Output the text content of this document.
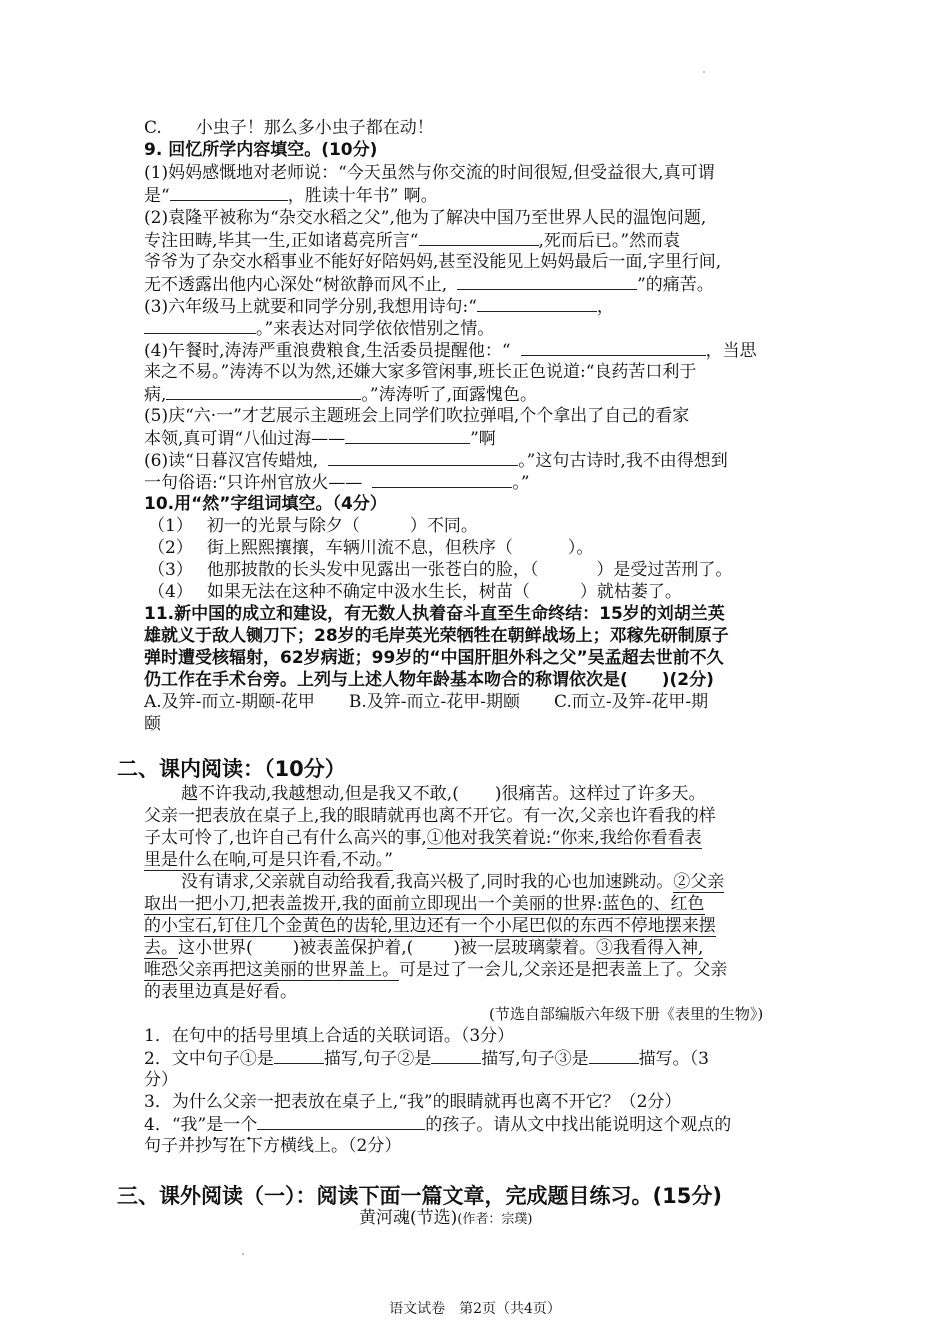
C.　　小虫子！那么多小虫子都在动！
9. 回忆所学内容填空。(10分)
(1)妈妈感慨地对老师说：“今天虽然与你交流的时间很短,但受益很大,真可谓
是“	，胜读十年书” 啊。
(2)袁隆平被称为“杂交水稻之父”,他为了解决中国乃至世界人民的温饱问题,
专注田畴,毕其一生,正如诸葛亮所言“	,死而后已。”然而袁
爷爷为了杂交水稻事业不能好好陪妈妈,甚至没能见上妈妈最后一面,字里行间,
无不透露出他内心深处“树欲静而风不止,	”的痛苦。
(3)六年级马上就要和同学分别,我想用诗句:“	，
。”来表达对同学依依惜别之情。
(4)午餐时,涛涛严重浪费粮食,生活委员提醒他：“	，当思
来之不易。”涛涛不以为然,还嫌大家多管闲事,班长正色说道:“良药苦口利于
病,	。”涛涛听了,面露愧色。
(5)庆“六·一”才艺展示主题班会上同学们吹拉弹唱,个个拿出了自己的看家
本领,真可谓“八仙过海——	”啊
(6)读“日暮汉宫传蜡烛,	。”这句古诗时,我不由得想到
一句俗语:“只许州官放火——	。”
10.用“然”字组词填空。（4分）
（1） 初一的光景与除夕（	）不同。
（2） 街上熙熙攘攘，车辆川流不息，但秩序（	）。
（3） 他那披散的长头发中见露出一张苍白的脸，（	）是受过苦刑了。
（4） 如果无法在这种不确定中汲水生长，树苗（	）就枯萎了。
11.新中国的成立和建设，有无数人执着奋斗直至生命终结：15岁的刘胡兰英
雄就义于敌人铡刀下；28岁的毛岸英光荣牺牲在朝鲜战场上；邓稼先研制原子
弹时遭受核辐射，62岁病逝；99岁的“中国肝胆外科之父”吴孟超去世前不久
仍工作在手术台旁。上列与上述人物年龄基本吻合的称谓依次是(　　)(2分)
A.及笄-而立-期颐-花甲　　B.及笄-而立-花甲-期颐　　C.而立-及笄-花甲-期
颐
二、课内阅读：（10分）
越不许我动,我越想动,但是我又不敢,( )很痛苦。这样过了许多天。
父亲一把表放在桌子上,我的眼睛就再也离不开它。有一次,父亲也许看我的样
子太可怜了,也许自己有什么高兴的事,①他对我笑着说:“你来,我给你看看表
里是什么在响,可是只许看,不动。”
没有请求,父亲就自动给我看,我高兴极了,同时我的心也加速跳动。②父亲
取出一把小刀,把表盖拨开,我的面前立即现出一个美丽的世界:蓝色的、红色
的小宝石,钉住几个金黄色的齿轮,里边还有一个小尾巴似的东西不停地摆来摆
去。这小世界( )被表盖保护着,( )被一层玻璃蒙着。③我看得入神,
唯恐父亲再把这美丽的世界盖上。可是过了一会儿,父亲还是把表盖上了。父亲
的表里边真是好看。
(节选自部编版六年级下册《表里的生物》)
1．在句中的括号里填上合适的关联词语。（3分）
2．文中句子①是	描写,句子②是	描写,句子③是	描写。（3
分）
3．为什么父亲一把表放在桌子上,“我”的眼睛就再也离不开它？（2分）
4．“我”是一个	的孩子。请从文中找出能说明这个观点的
句子并抄写在下方横线上。（2分）
三、课外阅读（一）：阅读下面一篇文章，完成题目练习。(15分)
黄河魂(节选)(作者：宗璞)
语文试卷　第2页（共4页）
